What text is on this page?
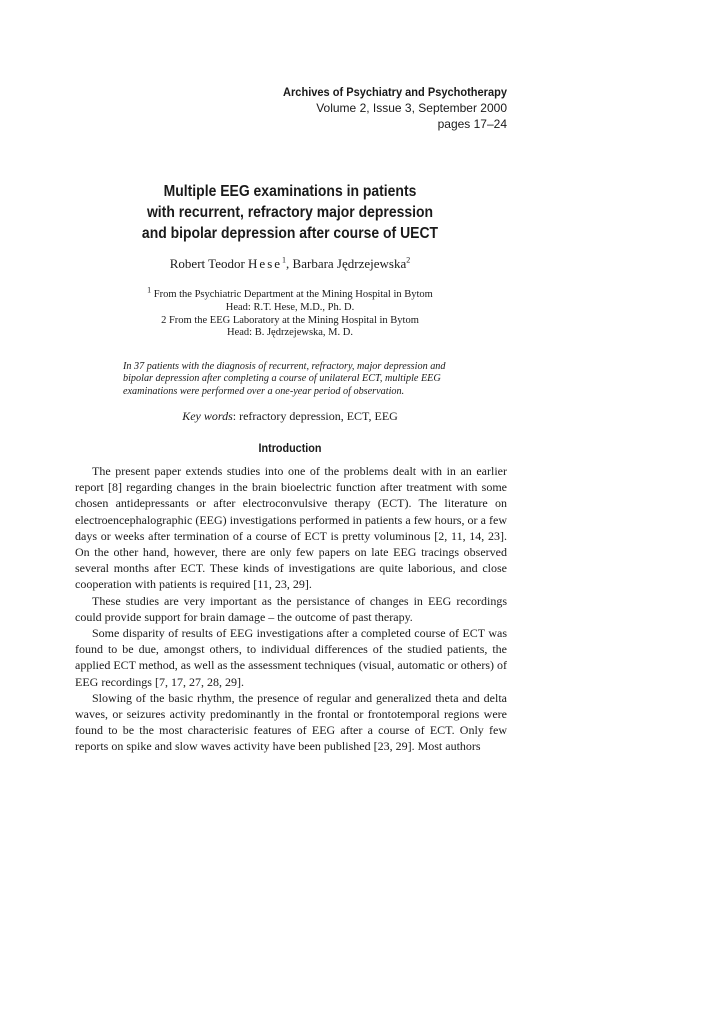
Archives of Psychiatry and Psychotherapy
Volume 2, Issue 3, September 2000
pages 17–24
Multiple EEG examinations in patients
with recurrent, refractory major depression
and bipolar depression after course of UECT
Robert Teodor Hese$^1$, Barbara Jędrzejewska$^2$
$^1$ From the Psychiatric Department at the Mining Hospital in Bytom
Head: R.T. Hese, M.D., Ph. D.
2 From the EEG Laboratory at the Mining Hospital in Bytom
Head: B. Jędrzejewska, M. D.
In 37 patients with the diagnosis of recurrent, refractory, major depression and
bipolar depression after completing a course of unilateral ECT, multiple EEG
examinations were performed over a one-year period of observation.
Key words: refractory depression, ECT, EEG
Introduction

The present paper extends studies into one of the problems dealt with in an earlier report [8] regarding changes in the brain bioelectric function after treatment with some chosen antidepressants or after electroconvulsive therapy (ECT). The literature on electroencephalographic (EEG) investigations performed in patients a few hours, or a few days or weeks after termination of a course of ECT is pretty voluminous [2, 11, 14, 23]. On the other hand, however, there are only few papers on late EEG tracings observed several months after ECT. These kinds of investigations are quite laborious, and close cooperation with patients is required [11, 23, 29].

These studies are very important as the persistance of changes in EEG recordings could provide support for brain damage – the outcome of past therapy.

Some disparity of results of EEG investigations after a completed course of ECT was found to be due, amongst others, to individual differences of the studied patients, the applied ECT method, as well as the assessment techniques (visual, automatic or others) of EEG recordings [7, 17, 27, 28, 29].

Slowing of the basic rhythm, the presence of regular and generalized theta and delta waves, or seizures activity predominantly in the frontal or frontotemporal regions were found to be the most characterisic features of EEG after a course of ECT. Only few reports on spike and slow waves activity have been published [23, 29]. Most authors
